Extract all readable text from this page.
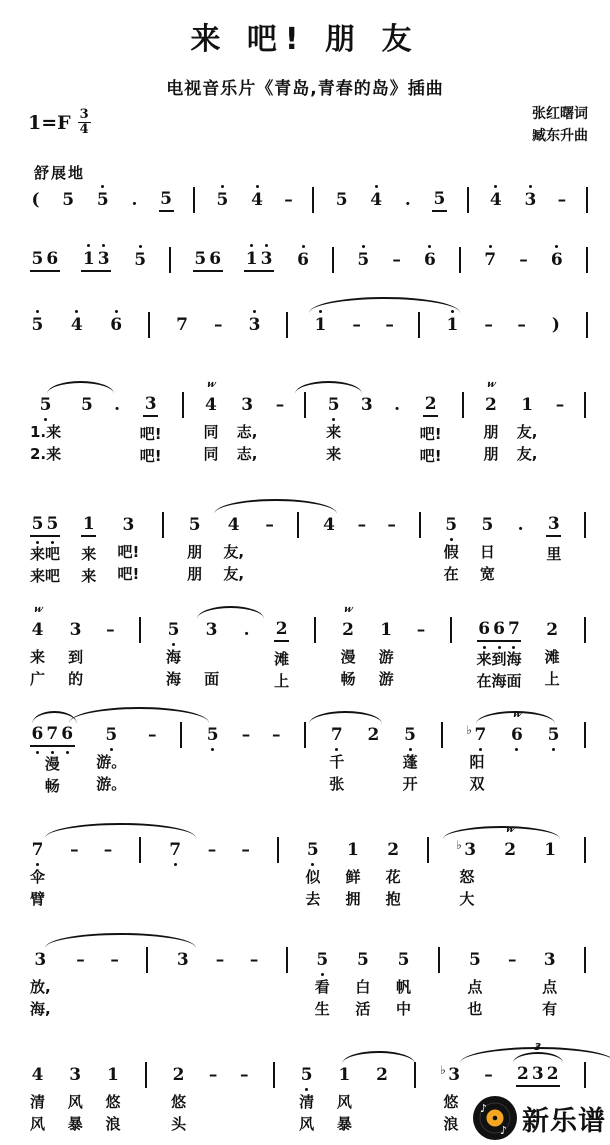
来 吧! 朋 友
电视音乐片《青岛,青春的岛》插曲
$1=F \frac{3}{4}$	张红曙词
臧东升曲
舒展地
( 5 5 . 5	5 4 –	5 4 . 5	4 3 –
5 6 1 3 5	5 6 1 3 6	5 – 6	7 – 6
5 4 6	7 – 3	1 – –	1 – – )
5
1.来
2.来
5

.

3
吧!
吧!

w
4
同
同
3
志,
志,
–

	5
来
来
3

.

2
吧!
吧!

w
2
朋
朋
1
友,
友,
–

5 5
来吧
来吧
1
来
来
3
吧!
吧!

5
朋
朋
4
友,
友,
–

	4

–

–

	5
假
在
5
日
宽
.

3
里

w
4
来
广
3
到
的
–

	5
海
海
3

面
.

2
滩
上

w
2
漫
畅
1
游
游
–

	6 6 7
来到海
在海面
2
滩
上

6 7 6
漫
畅
5
游。
游。
–

	5

–

–

	7
千
张
2

5
蓬
开

♭ 7
阳
双
w
6

5

7
伞
臂
–

–

	7

–

–

	5
似
去
1
鲜
拥
2
花
抱

♭ 3
怒
大
w
2

1

3
放,
海,
–

–

	3

–

–

	5
看
生
5
白
活
5
帆
中

5
点
也
–

3
点
有

4
清
风
3
风
暴
1
悠
浪

2
悠
头
–

–

	5
清
风
1
风
暴
2

	♭ 3
悠
浪
–

3
2 3 2

♪
♪ 新乐谱
